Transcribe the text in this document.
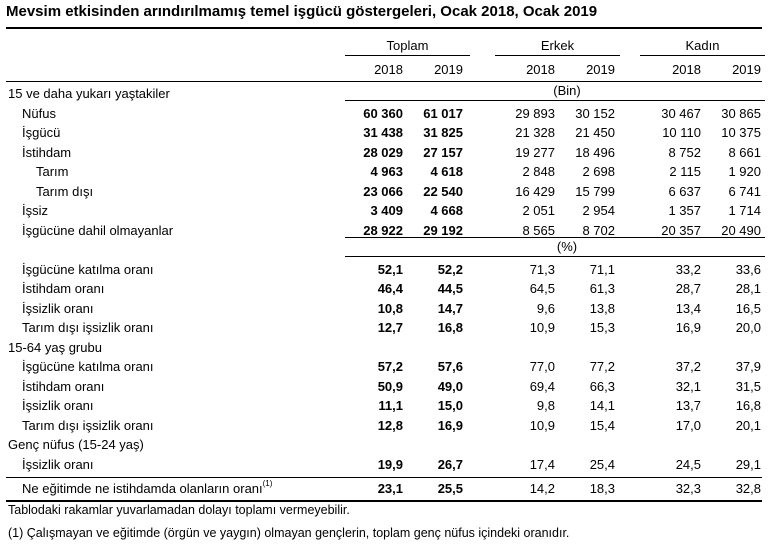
Mevsim etkisinden arındırılmamış temel işgücü göstergeleri, Ocak 2018, Ocak 2019
Toplam	Erkek	Kadın
2018	2019	2018	2019	2018	2019
(Bin)
(%)
15 ve daha yukarı yaştakiler
Nüfus	60 360	61 017	29 893	30 152	30 467	30 865
İşgücü	31 438	31 825	21 328	21 450	10 110	10 375
İstihdam	28 029	27 157	19 277	18 496	8 752	8 661
Tarım	4 963	4 618	2 848	2 698	2 115	1 920
Tarım dışı	23 066	22 540	16 429	15 799	6 637	6 741
İşsiz	3 409	4 668	2 051	2 954	1 357	1 714
İşgücüne dahil olmayanlar	28 922	29 192	8 565	8 702	20 357	20 490
İşgücüne katılma oranı	52,1	52,2	71,3	71,1	33,2	33,6
İstihdam oranı	46,4	44,5	64,5	61,3	28,7	28,1
İşsizlik oranı	10,8	14,7	9,6	13,8	13,4	16,5
Tarım dışı işsizlik oranı	12,7	16,8	10,9	15,3	16,9	20,0
15-64 yaş grubu
İşgücüne katılma oranı	57,2	57,6	77,0	77,2	37,2	37,9
İstihdam oranı	50,9	49,0	69,4	66,3	32,1	31,5
İşsizlik oranı	11,1	15,0	9,8	14,1	13,7	16,8
Tarım dışı işsizlik oranı	12,8	16,9	10,9	15,4	17,0	20,1
Genç nüfus (15-24 yaş)
İşsizlik oranı	19,9	26,7	17,4	25,4	24,5	29,1
Ne eğitimde ne istihdamda olanların oranı$^{(1)}$	23,1	25,5	14,2	18,3	32,3	32,8
Tablodaki rakamlar yuvarlamadan dolayı toplamı vermeyebilir.
(1) Çalışmayan ve eğitimde (örgün ve yaygın) olmayan gençlerin, toplam genç nüfus içindeki oranıdır.
